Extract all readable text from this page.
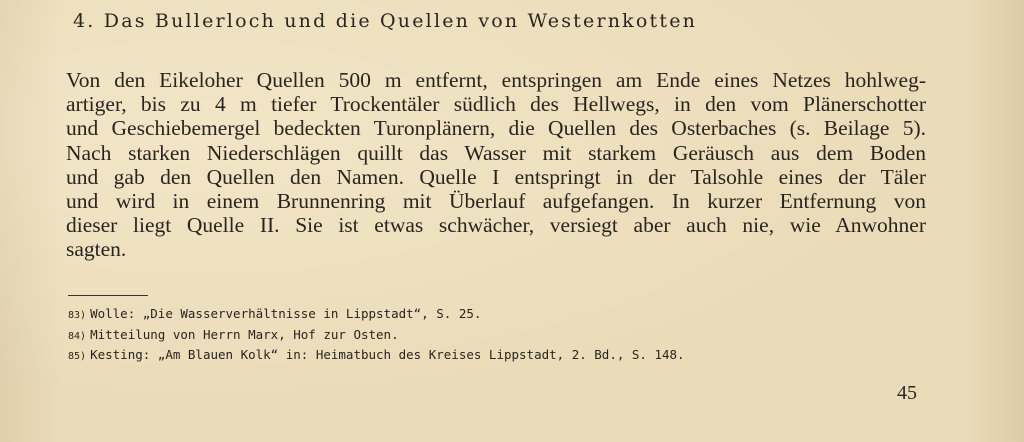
4. Das Bullerloch und die Quellen von Westernkotten
Von den Eikeloher Quellen 500 m entfernt, entspringen am Ende eines Netzes hohlweg-
artiger, bis zu 4 m tiefer Trockentäler südlich des Hellwegs, in den vom Plänerschotter
und Geschiebemergel bedeckten Turonplänern, die Quellen des Osterbaches (s. Beilage 5).
Nach starken Niederschlägen quillt das Wasser mit starkem Geräusch aus dem Boden
und gab den Quellen den Namen. Quelle I entspringt in der Talsohle eines der Täler
und wird in einem Brunnenring mit Überlauf aufgefangen. In kurzer Entfernung von
dieser liegt Quelle II. Sie ist etwas schwächer, versiegt aber auch nie, wie Anwohner
sagten.
83) Wolle: „Die Wasserverhältnisse in Lippstadt“, S. 25.
84) Mitteilung von Herrn Marx, Hof zur Osten.
85) Kesting: „Am Blauen Kolk“ in: Heimatbuch des Kreises Lippstadt, 2. Bd., S. 148.
45
